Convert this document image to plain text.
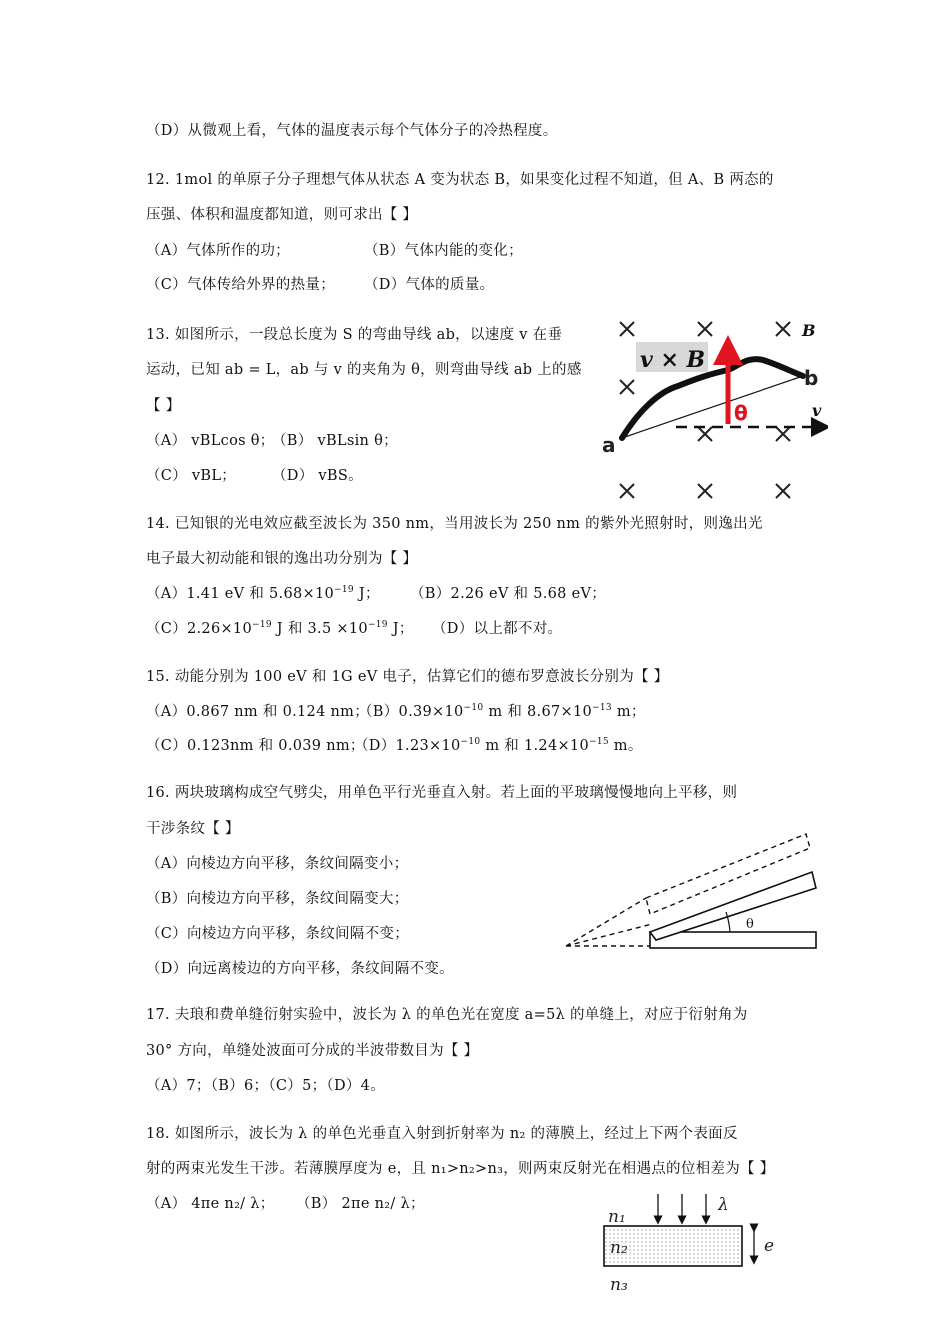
（D）从微观上看，气体的温度表示每个气体分子的冷热程度。
12. 1mol 的单原子分子理想气体从状态 A 变为状态 B，如果变化过程不知道，但 A、B 两态的
压强、体积和温度都知道，则可求出【 】
（A）气体所作的功；	（B）气体内能的变化；
（C）气体传给外界的热量； （D）气体的质量。
13. 如图所示，一段总长度为 S 的弯曲导线 ab，以速度 v 在垂
运动，已知 ab = L，ab 与 v 的夹角为 θ，则弯曲导线 ab 上的感
【 】
（A） vBLcos θ；
（B） vBLsin θ；
（C） vBL； （D） vBS。
v × B
B
b
a
θ	v
14. 已知银的光电效应截至波长为 350 nm，当用波长为 250 nm 的紫外光照射时，则逸出光
电子最大初动能和银的逸出功分别为【 】
（A）1.41 eV 和 $5.68\times 10^{-19}$ J； （B）2.26 eV 和 5.68 eV；
$(C)2.26\times 10^{-19}$ J 和 $3.5 \times 10^{-19}$ J； （D）以上都不对。
15. 动能分别为 100 eV 和 1G eV 电子，估算它们的德布罗意波长分别为【 】
（A）0.867 nm 和 0.124 nm；
$(B)0.39\times 10^{-10}$ m 和 $8.67\times 10^{-13}$ m；
（C）0.123nm 和 0.039 nm；
$(D)1.23\times 10^{-10}$ m 和 $1.24\times 10^{-15}$ m。
16. 两块玻璃构成空气劈尖，用单色平行光垂直入射。若上面的平玻璃慢慢地向上平移，则
干涉条纹【 】
（A）向棱边方向平移，条纹间隔变小；
（B）向棱边方向平移，条纹间隔变大；
（C）向棱边方向平移，条纹间隔不变；
（D）向远离棱边的方向平移，条纹间隔不变。
θ
17. 夫琅和费单缝衍射实验中，波长为 λ 的单色光在宽度 a=5λ 的单缝上，对应于衍射角为
30° 方向，单缝处波面可分成的半波带数目为【 】
（A）7；（B）6；（C）5；（D）4。
18. 如图所示，波长为 λ 的单色光垂直入射到折射率为 n₂ 的薄膜上，经过上下两个表面反
射的两束光发生干涉。若薄膜厚度为 e，且 n₁>n₂>n₃，则两束反射光在相遇点的位相差为【 】
（A） 4πe n₂/ λ； （B） 2πe n₂/ λ；
n₁
n₂
n₃
λ
e
